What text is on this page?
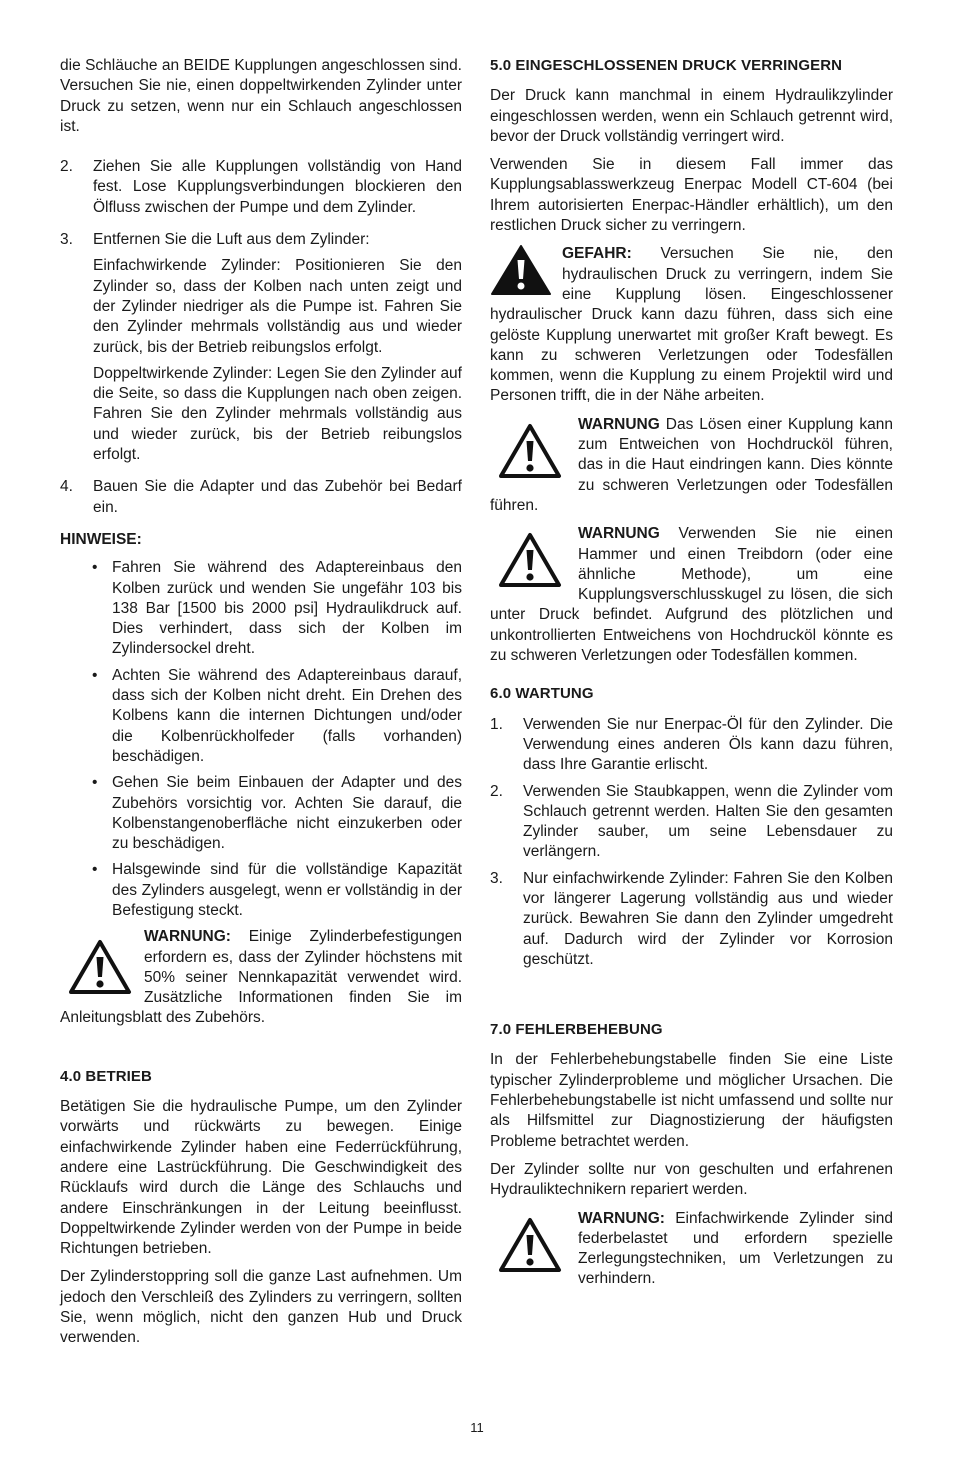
die Schläuche an BEIDE Kupplungen angeschlossen sind. Versuchen Sie nie, einen doppeltwirkenden Zylinder unter Druck zu setzen, wenn nur ein Schlauch angeschlossen ist.

2.	Ziehen Sie alle Kupplungen vollständig von Hand fest. Lose Kupplungsverbindungen blockieren den Ölfluss zwischen der Pumpe und dem Zylinder.

3.	Entfernen Sie die Luft aus dem Zylinder:

Einfachwirkende Zylinder: Positionieren Sie den Zylinder so, dass der Kolben nach unten zeigt und der Zylinder niedriger als die Pumpe ist. Fahren Sie den Zylinder mehrmals vollständig aus und wieder zurück, bis der Betrieb reibungslos erfolgt.

Doppeltwirkende Zylinder: Legen Sie den Zylinder auf die Seite, so dass die Kupplungen nach oben zeigen. Fahren Sie den Zylinder mehrmals vollständig aus und wieder zurück, bis der Betrieb reibungslos erfolgt.

4.	Bauen Sie die Adapter und das Zubehör bei Bedarf ein.

HINWEISE:
• Fahren Sie während des Adaptereinbaus den Kolben zurück und wenden Sie ungefähr 103 bis 138 Bar [1500 bis 2000 psi] Hydraulikdruck auf. Dies verhindert, dass sich der Kolben im Zylindersockel dreht.
• Achten Sie während des Adaptereinbaus darauf, dass sich der Kolben nicht dreht. Ein Drehen des Kolbens kann die internen Dichtungen und/oder die Kolbenrückholfeder (falls vorhanden) beschädigen.
• Gehen Sie beim Einbauen der Adapter und des Zubehörs vorsichtig vor. Achten Sie darauf, die Kolbenstangenoberfläche nicht einzukerben oder zu beschädigen.
• Halsgewinde sind für die vollständige Kapazität des Zylinders ausgelegt, wenn er vollständig in der Befestigung steckt.
WARNUNG: Einige Zylinderbefestigungen erfordern es, dass der Zylinder höchstens mit 50% seiner Nennkapazität verwendet wird. Zusätzliche Informationen finden Sie im Anleitungsblatt des Zubehörs.
4.0 BETRIEB

Betätigen Sie die hydraulische Pumpe, um den Zylinder vorwärts und rückwärts zu bewegen. Einige einfachwirkende Zylinder haben eine Federrückführung, andere eine Lastrückführung. Die Geschwindigkeit des Rücklaufs wird durch die Länge des Schlauchs und andere Einschränkungen in der Leitung beeinflusst. Doppeltwirkende Zylinder werden von der Pumpe in beide Richtungen betrieben.

Der Zylinderstoppring soll die ganze Last aufnehmen. Um jedoch den Verschleiß des Zylinders zu verringern, sollten Sie, wenn möglich, nicht den ganzen Hub und Druck verwenden.

5.0 EINGESCHLOSSENEN DRUCK VERRINGERN

Der Druck kann manchmal in einem Hydraulikzylinder eingeschlossen werden, wenn ein Schlauch getrennt wird, bevor der Druck vollständig verringert wird.

Verwenden Sie in diesem Fall immer das Kupplungsablasswerkzeug Enerpac Modell CT-604 (bei Ihrem autorisierten Enerpac-Händler erhältlich), um den restlichen Druck sicher zu verringern.

GEFAHR: Versuchen Sie nie, den hydraulischen Druck zu verringern, indem Sie eine Kupplung lösen. Eingeschlossener hydraulischer Druck kann dazu führen, dass sich eine gelöste Kupplung unerwartet mit großer Kraft bewegt. Es kann zu schweren Verletzungen oder Todesfällen kommen, wenn die Kupplung zu einem Projektil wird und Personen trifft, die in der Nähe arbeiten.
WARNUNG Das Lösen einer Kupplung kann zum Entweichen von Hochdrucköl führen, das in die Haut eindringen kann. Dies könnte zu schweren Verletzungen oder Todesfällen führen.
WARNUNG Verwenden Sie nie einen Hammer und einen Treibdorn (oder eine ähnliche Methode), um eine Kupplungsverschlusskugel zu lösen, die sich unter Druck befindet. Aufgrund des plötzlichen und unkontrollierten Entweichens von Hochdrucköl könnte es zu schweren Verletzungen oder Todesfällen kommen.
6.0 WARTUNG
1.	Verwenden Sie nur Enerpac-Öl für den Zylinder. Die Verwendung eines anderen Öls kann dazu führen, dass Ihre Garantie erlischt.
2.	Verwenden Sie Staubkappen, wenn die Zylinder vom Schlauch getrennt werden. Halten Sie den gesamten Zylinder sauber, um seine Lebensdauer zu verlängern.
3.	Nur einfachwirkende Zylinder: Fahren Sie den Kolben vor längerer Lagerung vollständig aus und wieder zurück. Bewahren Sie dann den Zylinder umgedreht auf. Dadurch wird der Zylinder vor Korrosion geschützt.
7.0 FEHLERBEHEBUNG

In der Fehlerbehebungstabelle finden Sie eine Liste typischer Zylinderprobleme und möglicher Ursachen. Die Fehlerbehebungstabelle ist nicht umfassend und sollte nur als Hilfsmittel zur Diagnostizierung der häufigsten Probleme betrachtet werden.

Der Zylinder sollte nur von geschulten und erfahrenen Hydrauliktechnikern repariert werden.

WARNUNG: Einfachwirkende Zylinder sind federbelastet und erfordern spezielle Zerlegungstechniken, um Verletzungen zu verhindern.
11
